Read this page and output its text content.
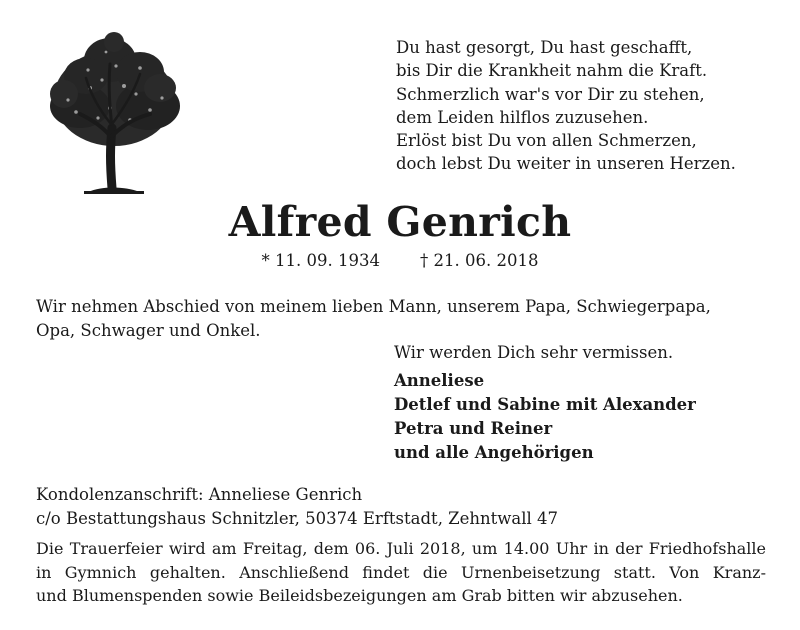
Du hast gesorgt, Du hast geschafft,
bis Dir die Krankheit nahm die Kraft.
Schmerzlich war's vor Dir zu stehen,
dem Leiden hilflos zuzusehen.
Erlöst bist Du von allen Schmerzen,
doch lebst Du weiter in unseren Herzen.
Alfred Genrich
* 11. 09. 1934 † 21. 06. 2018
Wir nehmen Abschied von meinem lieben Mann, unserem Papa, Schwiegerpapa,
Opa, Schwager und Onkel.
Wir werden Dich sehr vermissen.
Anneliese
Detlef und Sabine mit Alexander
Petra und Reiner
und alle Angehörigen
Kondolenzanschrift: Anneliese Genrich
c/o Bestattungshaus Schnitzler, 50374 Erftstadt, Zehntwall 47
Die Trauerfeier wird am Freitag, dem 06. Juli 2018, um 14.00 Uhr in der Friedhofshalle
in Gymnich gehalten. Anschließend findet die Urnenbeisetzung statt. Von Kranz-
und Blumenspenden sowie Beileidsbezeigungen am Grab bitten wir abzusehen.
